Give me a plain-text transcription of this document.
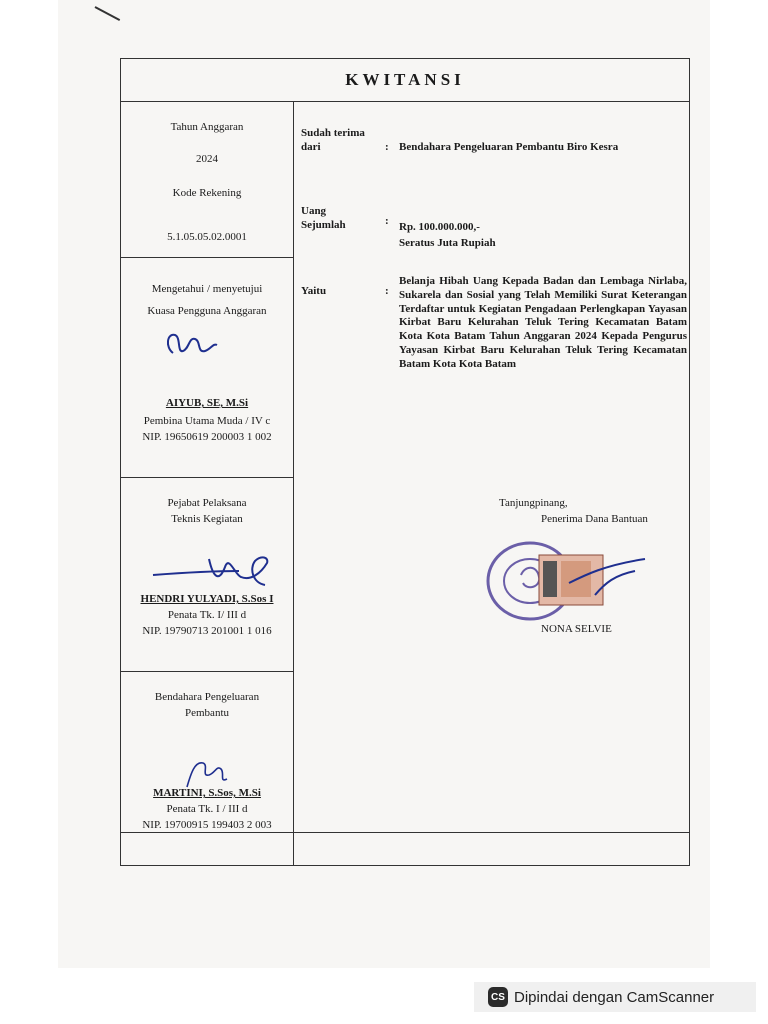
KWITANSI
Tahun Anggaran
2024
Kode Rekening
5.1.05.05.02.0001
Mengetahui / menyetujui
Kuasa Pengguna Anggaran
AIYUB, SE, M.Si
Pembina Utama Muda / IV c
NIP. 19650619 200003 1 002
Pejabat Pelaksana
Teknis Kegiatan
HENDRI YULYADI, S.Sos I
Penata Tk. I/ III d
NIP. 19790713 201001 1 016
Bendahara Pengeluaran
Pembantu
MARTINI, S.Sos, M.Si
Penata Tk. I / III d
NIP. 19700915 199403 2 003
Sudah terima
dari	: Bendahara Pengeluaran Pembantu Biro Kesra
Uang
Sejumlah	: Rp. 100.000.000,-
Seratus Juta Rupiah
Yaitu	:
Belanja Hibah Uang Kepada Badan dan Lembaga Nirlaba, Sukarela dan Sosial yang Telah Memiliki Surat Keterangan Terdaftar untuk Kegiatan Pengadaan Perlengkapan Yayasan Kirbat Baru Kelurahan Teluk Tering Kecamatan Batam Kota Kota Batam Tahun Anggaran 2024 Kepada Pengurus Yayasan Kirbat Baru Kelurahan Teluk Tering Kecamatan Batam Kota Kota Batam
Tanjungpinang,
Penerima Dana Bantuan
NONA SELVIE
CS Dipindai dengan CamScanner
